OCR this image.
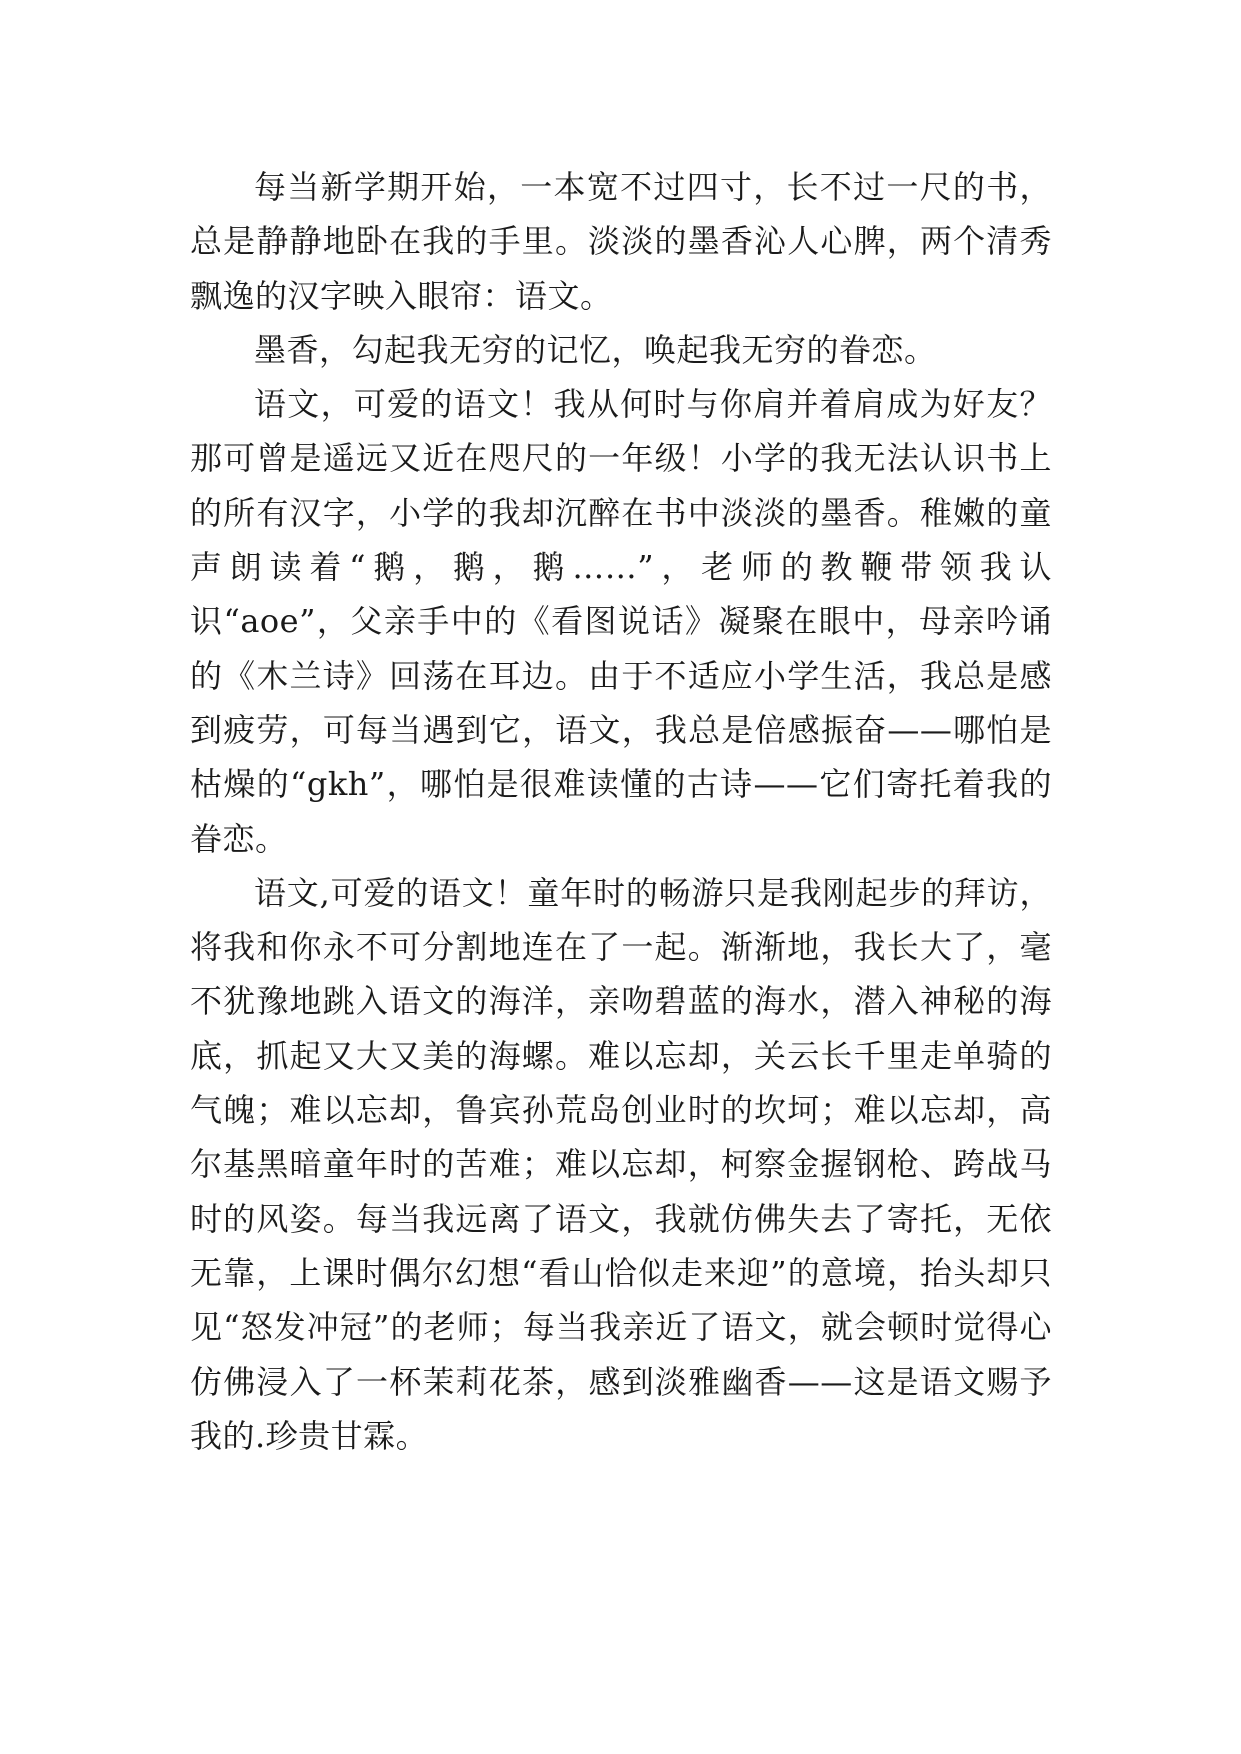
每当新学期开始，一本宽不过四寸，长不过一尺的书，总是静静地卧在我的手里。淡淡的墨香沁人心脾，两个清秀飘逸的汉字映入眼帘：语文。

墨香，勾起我无穷的记忆，唤起我无穷的眷恋。

语文，可爱的语文！我从何时与你肩并着肩成为好友？那可曾是遥远又近在咫尺的一年级！小学的我无法认识书上的所有汉字，小学的我却沉醉在书中淡淡的墨香。稚嫩的童声朗读着“鹅，鹅，鹅……”，老师的教鞭带领我认识“aoe”，父亲手中的《看图说话》凝聚在眼中，母亲吟诵的《木兰诗》回荡在耳边。由于不适应小学生活，我总是感到疲劳，可每当遇到它，语文，我总是倍感振奋——哪怕是枯燥的“gkh”，哪怕是很难读懂的古诗——它们寄托着我的眷恋。

语文,可爱的语文！童年时的畅游只是我刚起步的拜访，将我和你永不可分割地连在了一起。渐渐地，我长大了，毫不犹豫地跳入语文的海洋，亲吻碧蓝的海水，潜入神秘的海底，抓起又大又美的海螺。难以忘却，关云长千里走单骑的气魄；难以忘却，鲁宾孙荒岛创业时的坎坷；难以忘却，高尔基黑暗童年时的苦难；难以忘却，柯察金握钢枪、跨战马时的风姿。每当我远离了语文，我就仿佛失去了寄托，无依无靠，上课时偶尔幻想“看山恰似走来迎”的意境，抬头却只见“怒发冲冠”的老师；每当我亲近了语文，就会顿时觉得心仿佛浸入了一杯茉莉花茶，感到淡雅幽香——这是语文赐予我的.珍贵甘霖。
